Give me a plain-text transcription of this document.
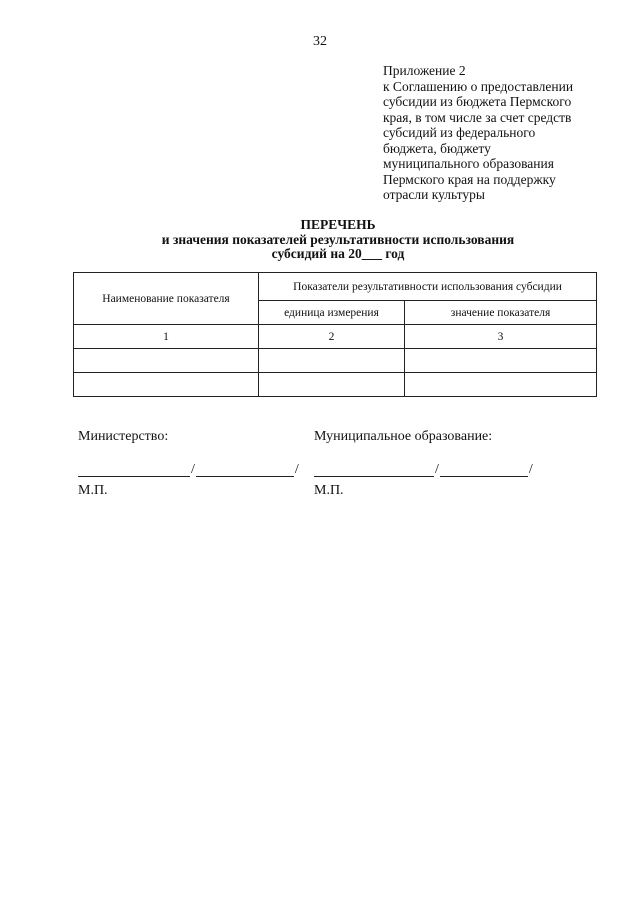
32
Приложение 2
к Соглашению о предоставлении
субсидии из бюджета Пермского
края, в том числе за счет средств
субсидий из федерального
бюджета, бюджету
муниципального образования
Пермского края на поддержку
отрасли культуры
ПЕРЕЧЕНЬ
и значения показателей результативности использования
субсидий на 20___ год
Наименование показателя	Показатели результативности использования субсидии	
	единица измерения	значение показателя
1	2	3

Министерство:
/	/
М.П.
Муниципальное образование:
/	/
М.П.
